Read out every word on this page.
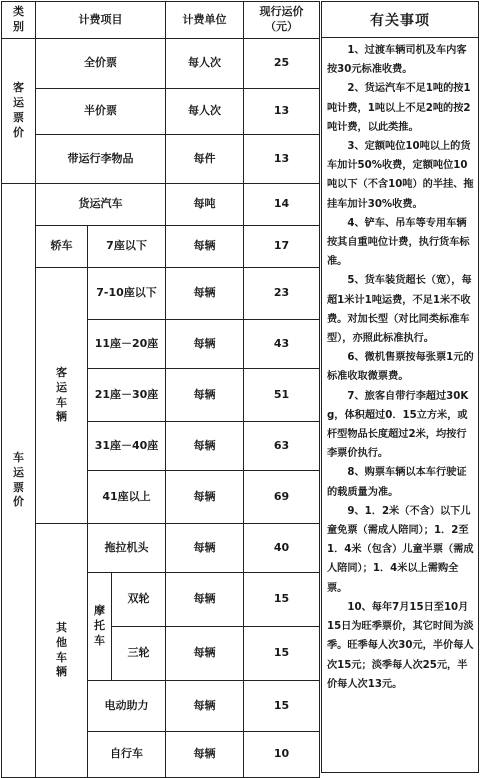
类别	计费项目			计费单位	现行运价
（元）

客运票价	全价票			每人次	25
	半价票			每人次	13
	带运行李物品			每件	13
车运票价	货运汽车			每吨	14
	轿车	7座以下		每辆	17
	客运车辆	7-10座以下		每辆	23
		11座－20座		每辆	43
		21座－30座		每辆	51
		31座－40座		每辆	63
		41座以上		每辆	69
	其他车辆	拖拉机头		每辆	40
		摩托车	双轮	每辆	15
			三轮	每辆	15
		电动助力		每辆	15
		自行车		每辆	10
有关事项

1、过渡车辆司机及车内客按30元标准收费。

2、货运汽车不足1吨的按1吨计费，1吨以上不足2吨的按2吨计费，以此类推。

3、定额吨位10吨以上的货车加计50%收费，定额吨位10吨以下（不含10吨）的半挂、拖挂车加计30%收费。

4、铲车、吊车等专用车辆按其自重吨位计费，执行货车标准。

5、货车装货超长（宽），每超1米计1吨运费，不足1米不收费。对加长型（对比同类标准车型），亦照此标准执行。

6、微机售票按每张票1元的标准收取微票费。

7、旅客自带行李超过30Kg，体积超过0．15立方米，或杆型物品长度超过2米，均按行李票价执行。

8、购票车辆以本车行驶证的载质量为准。

9、1．2米（不含）以下儿童免票（需成人陪同）；1．2至1．4米（包含）儿童半票（需成人陪同）；1．4米以上需购全票。

10、每年7月15日至10月15日为旺季票价，其它时间为淡季。旺季每人次30元，半价每人次15元；淡季每人次25元，半价每人次13元。
